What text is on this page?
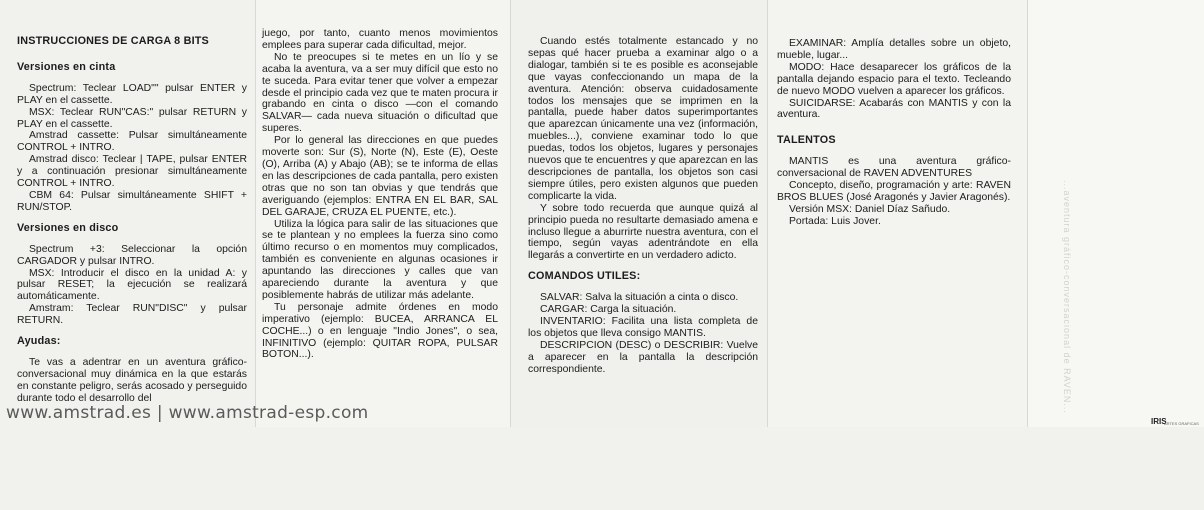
INSTRUCCIONES DE CARGA 8 BITS

Versiones en cinta

Spectrum: Teclear LOAD"" pulsar ENTER y PLAY en el cassette.

MSX: Teclear RUN"CAS:" pulsar RETURN y PLAY en el cassette.

Amstrad cassette: Pulsar simultáneamente CONTROL + INTRO.

Amstrad disco: Teclear | TAPE, pulsar ENTER y a continuación presionar simultáneamente CONTROL + INTRO.

CBM 64: Pulsar simultáneamente SHIFT + RUN/STOP.

Versiones en disco

Spectrum +3: Seleccionar la opción CARGADOR y pulsar INTRO.

MSX: Introducir el disco en la unidad A: y pulsar RESET; la ejecución se realizará automáticamente.

Amstram: Teclear RUN"DISC" y pulsar RETURN.

Ayudas:

Te vas a adentrar en un aventura gráfico-conversacional muy dinámica en la que estarás en constante peligro, serás acosado y perseguido durante todo el desarrollo del

juego, por tanto, cuanto menos movimientos emplees para superar cada dificultad, mejor.

No te preocupes si te metes en un lío y se acaba la aventura, va a ser muy difícil que esto no te suceda. Para evitar tener que volver a empezar desde el principio cada vez que te maten procura ir grabando en cinta o disco —con el comando SALVAR— cada nueva situación o dificultad que superes.

Por lo general las direcciones en que puedes moverte son: Sur (S), Norte (N), Este (E), Oeste (O), Arriba (A) y Abajo (AB); se te informa de ellas en las descripciones de cada pantalla, pero existen otras que no son tan obvias y que tendrás que averiguando (ejemplos: ENTRA EN EL BAR, SAL DEL GARAJE, CRUZA EL PUENTE, etc.).

Utiliza la lógica para salir de las situaciones que se te plantean y no emplees la fuerza sino como último recurso o en momentos muy complicados, también es conveniente en algunas ocasiones ir apuntando las direcciones y calles que van apareciendo durante la aventura y que posiblemente habrás de utilizar más adelante.

Tu personaje admite órdenes en modo imperativo (ejemplo: BUCEA, ARRANCA EL COCHE...) o en lenguaje "Indio Jones", o sea, INFINITIVO (ejemplo: QUITAR ROPA, PULSAR BOTON...).

Cuando estés totalmente estancado y no sepas qué hacer prueba a examinar algo o a dialogar, también si te es posible es aconsejable que vayas confeccionando un mapa de la aventura. Atención: observa cuidadosamente todos los mensajes que se imprimen en la pantalla, puede haber datos superimportantes que aparezcan únicamente una vez (información, muebles...), conviene examinar todo lo que puedas, todos los objetos, lugares y personajes nuevos que te encuentres y que aparezcan en las descripciones de pantalla, los objetos son casi siempre útiles, pero existen algunos que pueden complicarte la vida.

Y sobre todo recuerda que aunque quizá al principio pueda no resultarte demasiado amena e incluso llegue a aburrirte nuestra aventura, con el tiempo, según vayas adentrándote en ella llegarás a convertirte en un verdadero adicto.

COMANDOS UTILES:

SALVAR: Salva la situación a cinta o disco.

CARGAR: Carga la situación.

INVENTARIO: Facilita una lista completa de los objetos que lleva consigo MANTIS.

DESCRIPCION (DESC) o DESCRIBIR: Vuelve a aparecer en la pantalla la descripción correspondiente.

EXAMINAR: Amplía detalles sobre un objeto, mueble, lugar...

MODO: Hace desaparecer los gráficos de la pantalla dejando espacio para el texto. Tecleando de nuevo MODO vuelven a aparecer los gráficos.

SUICIDARSE: Acabarás con MANTIS y con la aventura.

TALENTOS

MANTIS es una aventura gráfico-conversacional de RAVEN ADVENTURES

Concepto, diseño, programación y arte: RAVEN BROS BLUES (José Aragonés y Javier Aragonés).

Versión MSX: Daniel Díaz Sañudo.

Portada: Luis Jover.	...aventura gráfico-conversacional de RAVEN...
IRIS
ARTES GRAFICAS
www.amstrad.es | www.amstrad-esp.com
